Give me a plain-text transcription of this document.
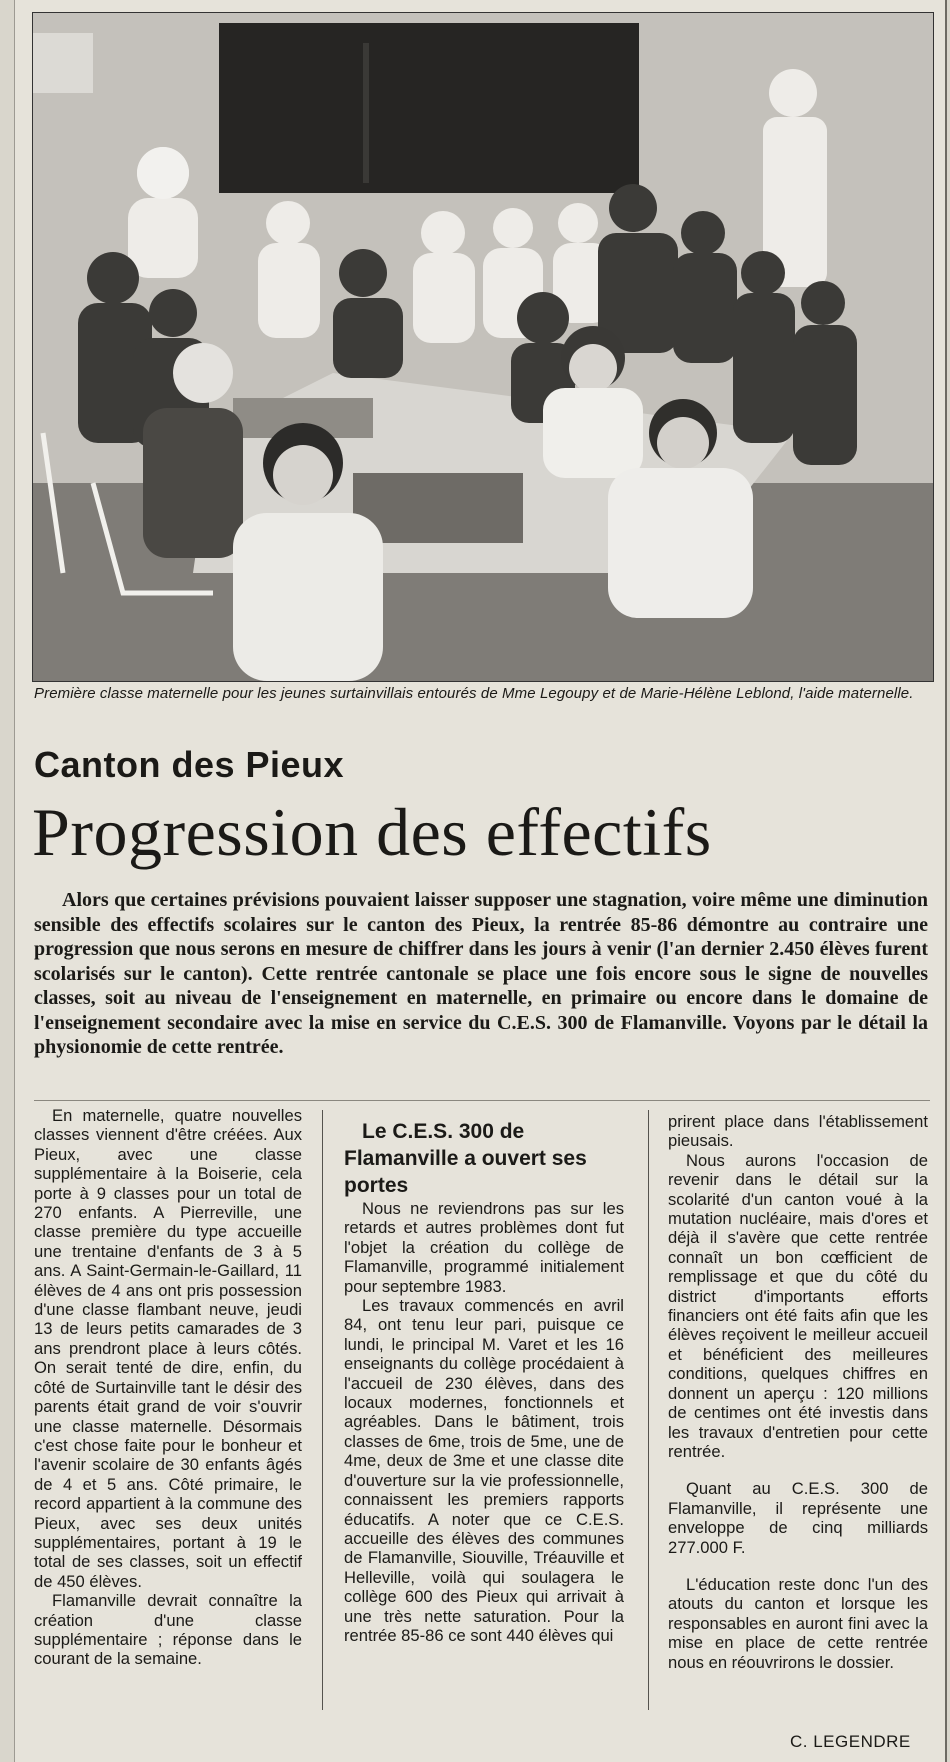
Première classe maternelle pour les jeunes surtainvillais entourés de Mme Legoupy et de Marie-Hélène Leblond, l'aide maternelle.
Canton des Pieux
Progression des effectifs

Alors que certaines prévisions pouvaient laisser supposer une stagnation, voire même une diminution sensible des effectifs scolaires sur le canton des Pieux, la rentrée 85-86 démontre au contraire une progression que nous serons en mesure de chiffrer dans les jours à venir (l'an dernier 2.450 élèves furent scolarisés sur le canton). Cette rentrée cantonale se place une fois encore sous le signe de nouvelles classes, soit au niveau de l'enseignement en maternelle, en primaire ou encore dans le domaine de l'enseignement secondaire avec la mise en service du C.E.S. 300 de Flamanville. Voyons par le détail la physionomie de cette rentrée.

En maternelle, quatre nouvelles classes viennent d'être créées. Aux Pieux, avec une classe supplémentaire à la Boiserie, cela porte à 9 classes pour un total de 270 enfants. A Pierreville, une classe première du type accueille une trentaine d'enfants de 3 à 5 ans. A Saint-Germain-le-Gaillard, 11 élèves de 4 ans ont pris possession d'une classe flambant neuve, jeudi 13 de leurs petits camarades de 3 ans prendront place à leurs côtés. On serait tenté de dire, enfin, du côté de Surtainville tant le désir des parents était grand de voir s'ouvrir une classe maternelle. Désormais c'est chose faite pour le bonheur et l'avenir scolaire de 30 enfants âgés de 4 et 5 ans. Côté primaire, le record appartient à la commune des Pieux, avec ses deux unités supplémentaires, portant à 19 le total de ses classes, soit un effectif de 450 élèves.

Flamanville devrait connaître la création d'une classe supplémentaire ; réponse dans le courant de la semaine.

Le C.E.S. 300 de Flamanville a ouvert ses portes

Nous ne reviendrons pas sur les retards et autres problèmes dont fut l'objet la création du collège de Flamanville, programmé initialement pour septembre 1983.

Les travaux commencés en avril 84, ont tenu leur pari, puisque ce lundi, le principal M. Varet et les 16 enseignants du collège procédaient à l'accueil de 230 élèves, dans des locaux modernes, fonctionnels et agréables. Dans le bâtiment, trois classes de 6me, trois de 5me, une de 4me, deux de 3me et une classe dite d'ouverture sur la vie professionnelle, connaissent les premiers rapports éducatifs. A noter que ce C.E.S. accueille des élèves des communes de Flamanville, Siouville, Tréauville et Helleville, voilà qui soulagera le collège 600 des Pieux qui arrivait à une très nette saturation. Pour la rentrée 85-86 ce sont 440 élèves qui

prirent place dans l'établissement pieusais.

Nous aurons l'occasion de revenir dans le détail sur la scolarité d'un canton voué à la mutation nucléaire, mais d'ores et déjà il s'avère que cette rentrée connaît un bon cœfficient de remplissage et que du côté du district d'importants efforts financiers ont été faits afin que les élèves reçoivent le meilleur accueil et bénéficient des meilleures conditions, quelques chiffres en donnent un aperçu : 120 millions de centimes ont été investis dans les travaux d'entretien pour cette rentrée.

Quant au C.E.S. 300 de Flamanville, il représente une enveloppe de cinq milliards 277.000 F.

L'éducation reste donc l'un des atouts du canton et lorsque les responsables en auront fini avec la mise en place de cette rentrée nous en réouvrirons le dossier.

C. LEGENDRE
